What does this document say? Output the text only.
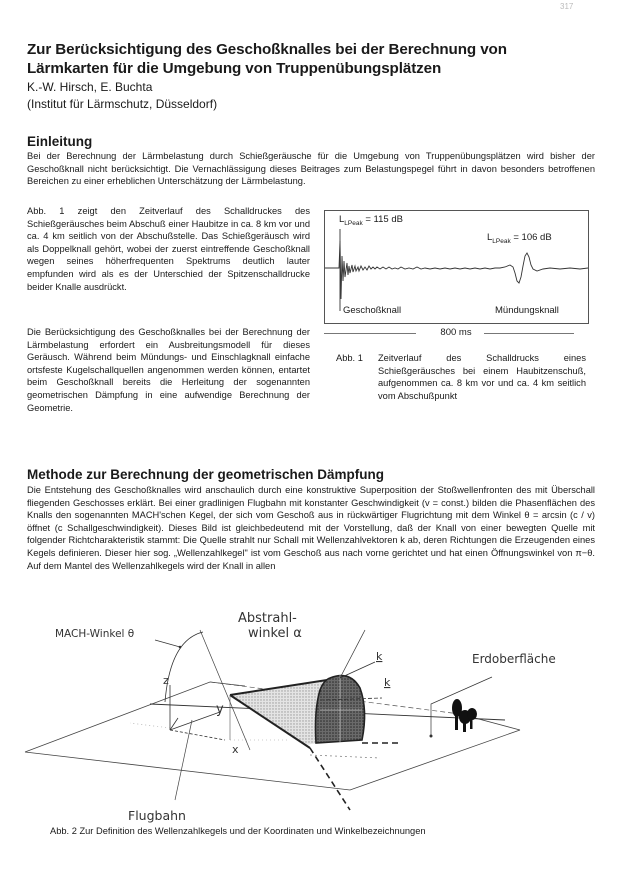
317
Zur Berücksichtigung des Geschoßknalles bei der Berechnung von
Lärmkarten für die Umgebung von Truppenübungsplätzen
K.-W. Hirsch, E. Buchta
(Institut für Lärmschutz, Düsseldorf)
Einleitung
Bei der Berechnung der Lärmbelastung durch Schießgeräusche für die Umgebung von Truppenübungsplätzen wird bisher der Geschoßknall nicht berücksichtigt. Die Vernachlässigung dieses Beitrages zum Belastungspegel führt in davon besonders betroffenen Bereichen zu einer erheblichen Unterschätzung der Lärmbelastung.
Abb. 1 zeigt den Zeitverlauf des Schalldruckes des Schießgeräusches beim Abschuß einer Haubitze in ca. 8 km vor und ca. 4 km seitlich von der Abschußstelle. Das Schießgeräusch wird als Doppelknall gehört, wobei der zuerst eintreffende Geschoßknall wegen seines höherfrequenten Spektrums deutlich lauter empfunden wird als es der Unterschied der Spitzenschalldrucke beider Knalle ausdrückt.
Die Berücksichtigung des Geschoßknalles bei der Berechnung der Lärmbelastung erfordert ein Ausbreitungsmodell für dieses Geräusch. Während beim Mündungs- und Einschlagknall einfache ortsfeste Kugelschallquellen angenommen werden können, entartet beim Geschoßknall bereits die Herleitung der sogenannten geometrischen Dämpfung in eine aufwendige Berechnung der Geometrie.
$L_{LPeak} = 115$ dB
$L_{LPeak} = 106$ dB
Geschoßknall	Mündungsknall
800 ms
Abb. 1 Zeitverlauf des Schalldrucks eines Schießgeräusches bei einem Haubitzenschuß, aufgenommen ca. 8 km vor und ca. 4 km seitlich vom Abschußpunkt
Methode zur Berechnung der geometrischen Dämpfung
Die Entstehung des Geschoßknalles wird anschaulich durch eine konstruktive Superposition der Stoßwellenfronten des mit Überschall fliegenden Geschosses erklärt. Bei einer gradlinigen Flugbahn mit konstanter Geschwindigkeit (v = const.) bilden die Phasenflächen des Knalls den sogenannten MACH'schen Kegel, der sich vom Geschoß aus in rückwärtiger Flugrichtung mit dem Winkel θ = arcsin (c / v) öffnet (c Schallgeschwindigkeit). Dieses Bild ist gleichbedeutend mit der Vorstellung, daß der Knall von einer bewegten Quelle mit folgender Richtcharakteristik stammt: Die Quelle strahlt nur Schall mit Wellenzahlvektoren k ab, deren Richtungen die Erzeugenden eines Kegels definieren. Dieser hier sog. „Wellenzahlkegel" ist vom Geschoß aus nach vorne gerichtet und hat einen Öffnungswinkel von π−θ. Auf dem Mantel des Wellenzahlkegels wird der Knall in allen
Abstrahl-
winkel α
MACH-Winkel θ
k
k
Erdoberfläche
z
y
x
Flugbahn
Abb. 2 Zur Definition des Wellenzahlkegels und der Koordinaten und Winkelbezeichnungen
